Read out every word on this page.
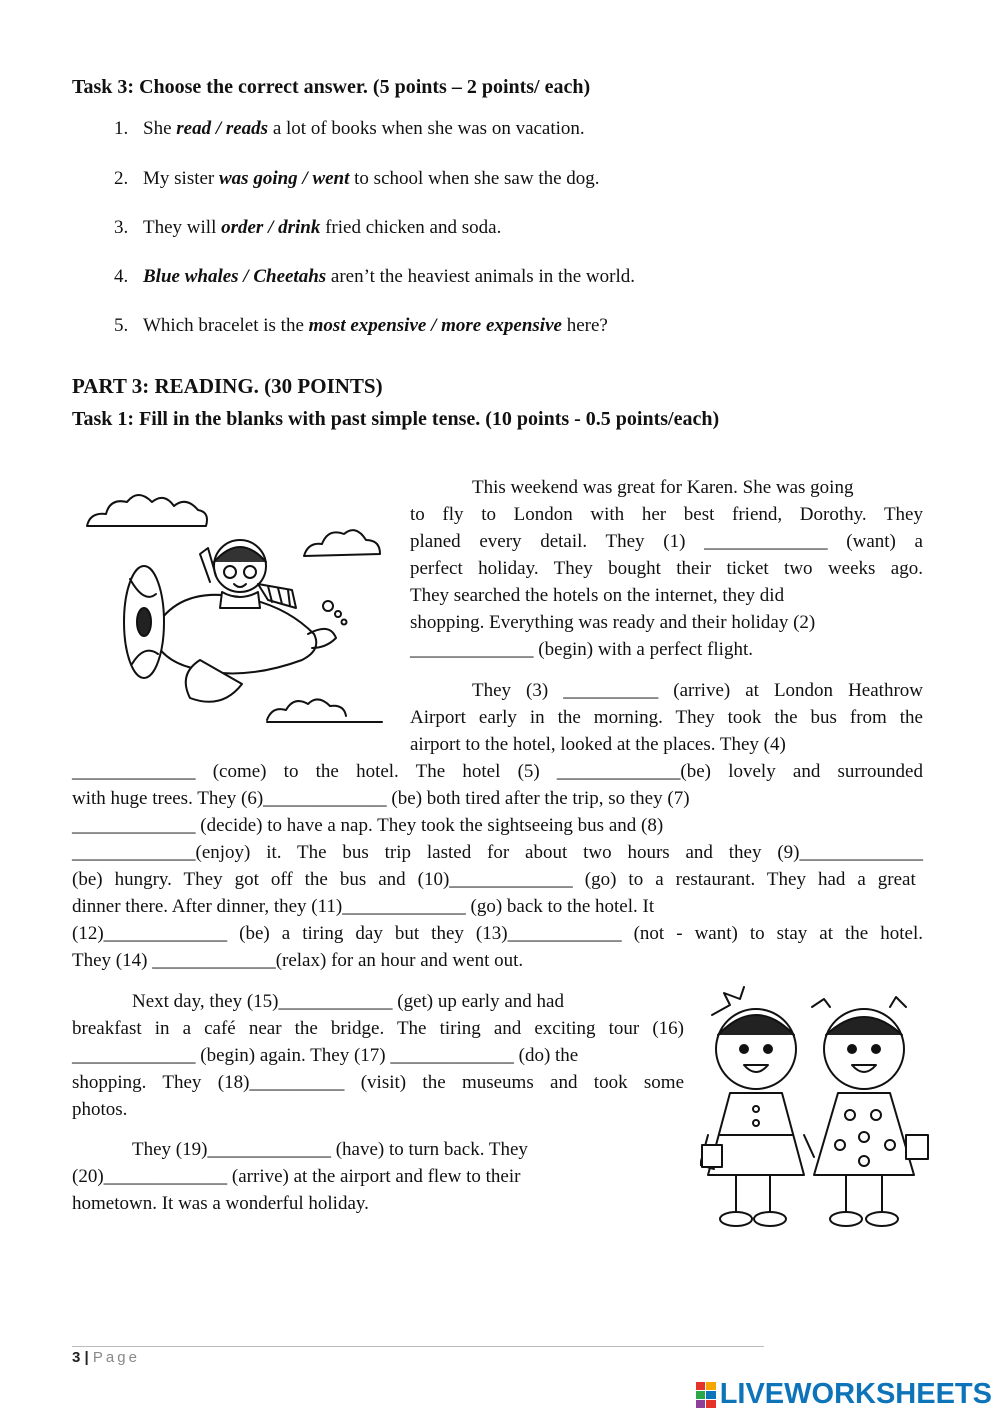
Task 3: Choose the correct answer. (5 points – 2 points/ each)
1. She read / reads a lot of books when she was on vacation.
2. My sister was going / went to school when she saw the dog.
3. They will order / drink fried chicken and soda.
4. Blue whales / Cheetahs aren’t the heaviest animals in the world.
5. Which bracelet is the most expensive / more expensive here?
PART 3: READING. (30 POINTS)
Task 1: Fill in the blanks with past simple tense. (10 points - 0.5 points/each)
This weekend was great for Karen. She was going
to fly to London with her best friend, Dorothy. They
planed every detail. They (1) _____________ (want) a
perfect holiday. They bought their ticket two weeks ago.
They searched the hotels on the internet, they did
shopping. Everything was ready and their holiday (2)
_____________ (begin) with a perfect flight.
They (3) __________ (arrive) at London Heathrow
Airport early in the morning. They took the bus from the
airport to the hotel, looked at the places. They (4)
_____________ (come) to the hotel. The hotel (5) _____________(be) lovely and surrounded
with huge trees. They (6)_____________ (be) both tired after the trip, so they (7)
_____________ (decide) to have a nap. They took the sightseeing bus and (8)
_____________(enjoy) it. The bus trip lasted for about two hours and they (9)_____________
(be) hungry. They got off the bus and (10)_____________ (go) to a restaurant. They had a great
dinner there. After dinner, they (11)_____________ (go) back to the hotel. It
(12)_____________ (be) a tiring day but they (13)____________ (not - want) to stay at the hotel.
They (14) _____________(relax) for an hour and went out.
Next day, they (15)____________ (get) up early and had
breakfast in a café near the bridge. The tiring and exciting tour (16)
_____________ (begin) again. They (17) _____________ (do) the
shopping. They (18)__________ (visit) the museums and took some
photos.
They (19)_____________ (have) to turn back. They
(20)_____________ (arrive) at the airport and flew to their
hometown. It was a wonderful holiday.
3 | Page
LIVEWORKSHEETS
